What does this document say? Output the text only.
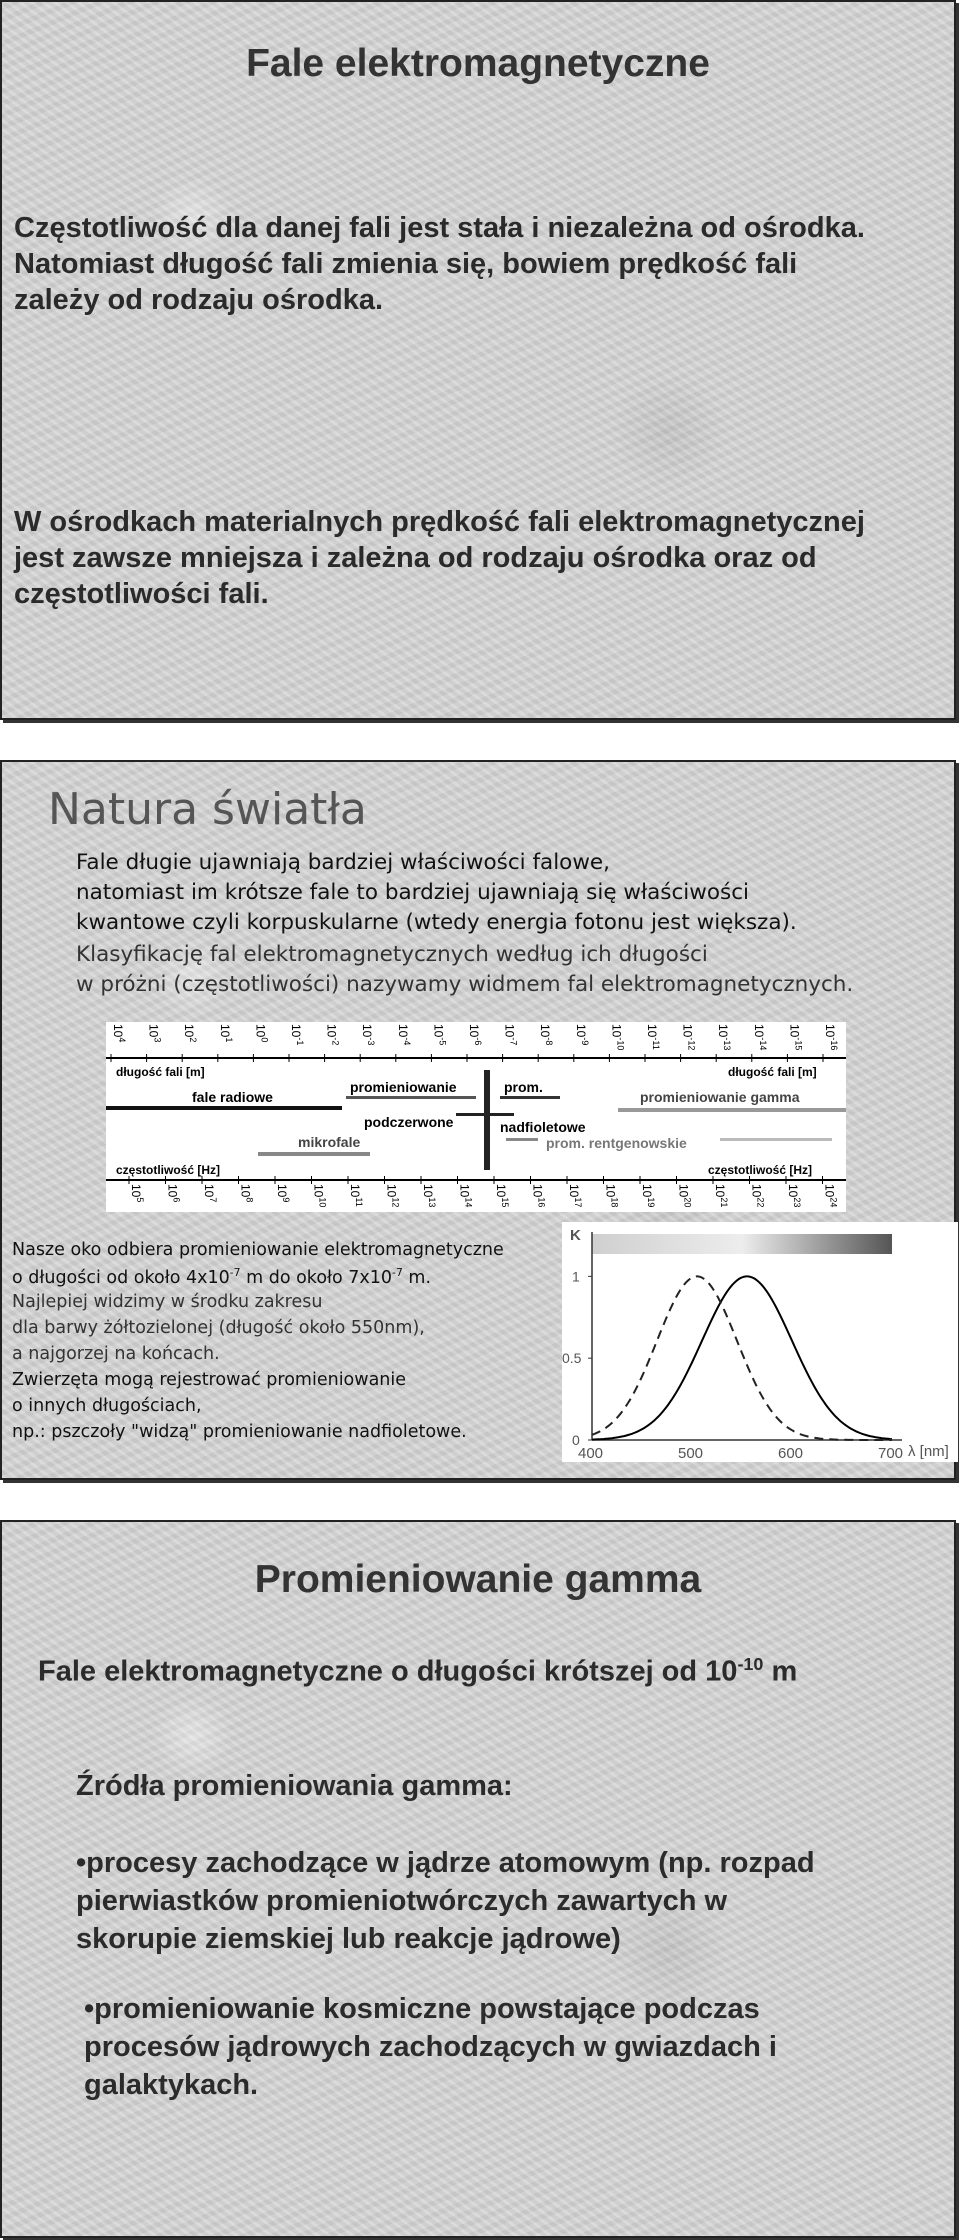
Fale elektromagnetyczne
Częstotliwość dla danej fali jest stała i niezależna od ośrodka.
Natomiast długość fali zmienia się, bowiem prędkość fali
zależy od rodzaju ośrodka.
W ośrodkach materialnych prędkość fali elektromagnetycznej
jest zawsze mniejsza i zależna od rodzaju ośrodka oraz od
częstotliwości fali.
Natura światła
Fale długie ujawniają bardziej właściwości falowe,
natomiast im krótsze fale to bardziej ujawniają się właściwości
kwantowe czyli korpuskularne (wtedy energia fotonu jest większa).
Klasyfikację fal elektromagnetycznych według ich długości
w próżni (częstotliwości) nazywamy widmem fal elektromagnetycznych.
$10^4$
$10^3$
$10^2$
$10^1$
$10^0$
$10^{-1}$
$10^{-2}$
$10^{-3}$
$10^{-4}$
$10^{-5}$
$10^{-6}$
$10^{-7}$
$10^{-8}$
$10^{-9}$
$10^{-10}$
$10^{-11}$
$10^{-12}$
$10^{-13}$
$10^{-14}$
$10^{-15}$
$10^{-16}$
$10^5$
$10^6$
$10^7$
$10^8$
$10^9$
$10^{10}$
$10^{11}$
$10^{12}$
$10^{13}$
$10^{14}$
$10^{15}$
$10^{16}$
$10^{17}$
$10^{18}$
$10^{19}$
$10^{20}$
$10^{21}$
$10^{22}$
$10^{23}$
$10^{24}$
długość fali [m]	długość fali [m]
częstotliwość [Hz]	częstotliwość [Hz]
fale radiowe
mikrofale
promieniowanie
podczerwone
prom.
nadfioletowe
promieniowanie gamma
prom. rentgenowskie
Nasze oko odbiera promieniowanie elektromagnetyczne
o długości od około $4x10^{-7}$ m do około $7x10^{-7}$ m.
Najlepiej widzimy w środku zakresu
dla barwy żółtozielonej (długość około 550nm),
a najgorzej na końcach.
Zwierzęta mogą rejestrować promieniowanie
o innych długościach,
np.: pszczoły "widzą" promieniowanie nadfioletowe.
K
λ [nm]
400	500	600	700
0
0.5
1
Promieniowanie gamma
Fale elektromagnetyczne o długości krótszej od $10^{-10}$ m
Źródła promieniowania gamma:
•procesy zachodzące w jądrze atomowym (np. rozpad
pierwiastków promieniotwórczych zawartych w
skorupie ziemskiej lub reakcje jądrowe)
•promieniowanie kosmiczne powstające podczas
procesów jądrowych zachodzących w gwiazdach i
galaktykach.
